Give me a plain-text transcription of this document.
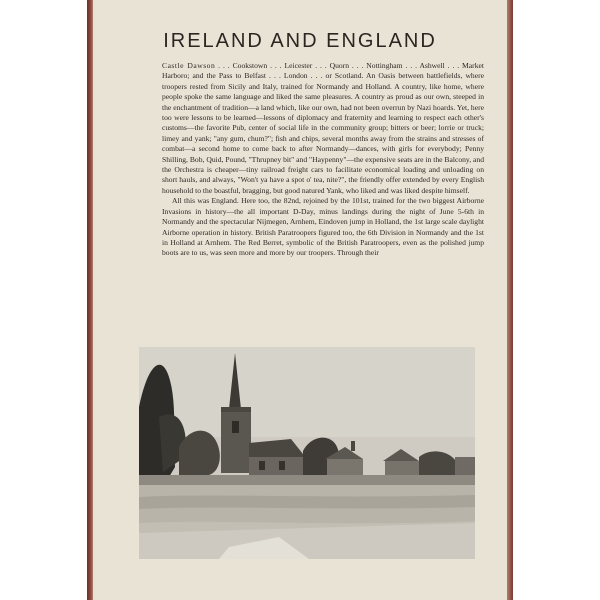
IRELAND AND ENGLAND

Castle Dawson . . . Cookstown . . . Leicester . . . Quorn . . . Nottingham . . . Ashwell . . . Market Harboro; and the Pass to Belfast . . . London . . . or Scotland. An Oasis between battlefields, where troopers rested from Sicily and Italy, trained for Normandy and Holland. A country, like home, where people spoke the same language and liked the same pleasures. A country as proud as our own, steeped in the enchantment of tradition—a land which, like our own, had not been overrun by Nazi hoards. Yet, here too were lessons to be learned—lessons of diplomacy and fraternity and learning to respect each other's customs—the favorite Pub, center of social life in the community group; bitters or beer; lorrie or truck; limey and yank; "any gum, chum?"; fish and chips, several months away from the strains and stresses of combat—a second home to come back to after Normandy—dances, with girls for everybody; Penny Shilling, Bob, Quid, Pound, "Thrupney bit" and "Haypenny"—the expensive seats are in the Balcony, and the Orchestra is cheaper—tiny railroad freight cars to facilitate economical loading and unloading on short hauls, and always, "Won't ya have a spot o' tea, nite?", the friendly offer extended by every English household to the boastful, bragging, but good natured Yank, who liked and was liked despite himself.

All this was England. Here too, the 82nd, rejoined by the 101st, trained for the two biggest Airborne Invasions in history—the all important D-Day, minus landings during the night of June 5-6th in Normandy and the spectacular Nijmegen, Arnhem, Eindoven jump in Holland, the 1st large scale daylight Airborne operation in history. British Paratroopers figured too, the 6th Division in Normandy and the 1st in Holland at Arnhem. The Red Berret, symbolic of the British Paratroopers, even as the polished jump boots are to us, was seen more and more by our troopers. Through their
